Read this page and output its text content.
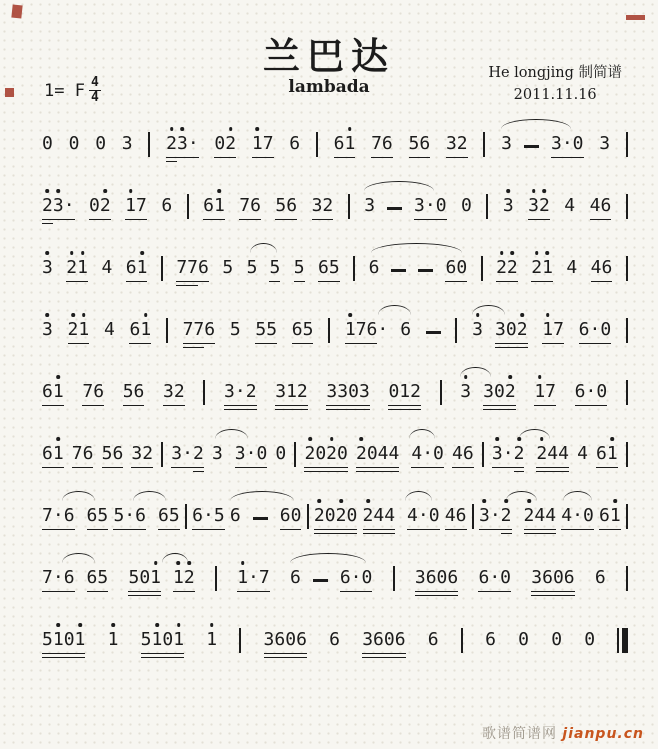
兰巴达
lambada
1= F $\frac{4}{4}$
He longjing 制简谱
2011.11.16
0 0 0 3 2 3 · 0 2 1 7 6 6 1 7 6 5 6 3 2 3 3 · 0 3
2 3 · 0 2 1 7 6 6 1 7 6 5 6 3 2 3 3 · 0 0 3 3 2 4 4 6
3 2 1 4 6 1 7 7 6 5 5 5 5 6 5 6	6 0 2 2 2 1 4 4 6
3 2 1 4 6 1 7 7 6 5 5 5 6 5 1 7 6 · 6	3 3 0 2 1 7 6 · 0
6 1 7 6 5 6 3 2 3 · 2 3 1 2 3 3 0 3 0 1 2 3 3 0 2 1 7 6 · 0
6 1 7 6 5 6 3 2 3 · 2 3 3 · 0 0 2 0 2 0 2 0 4 4 4 · 0 4 6 3 · 2 2 4 4 4 6 1
7 · 6 6 5 5 · 6 6 5 6 · 5 6 6 0 2 0 2 0 2 4 4 4 · 0 4 6 3 · 2 2 4 4 4 · 0 6 1
7 · 6 6 5 5 0 1 1 2 1 · 7 6 6 · 0 3 6 0 6 6 · 0 3 6 0 6 6
5 1 0 1 1 5 1 0 1 1	3 6 0 6 6 3 6 0 6 6	6 0 0 0
歌谱简谱网 jianpu.cn
